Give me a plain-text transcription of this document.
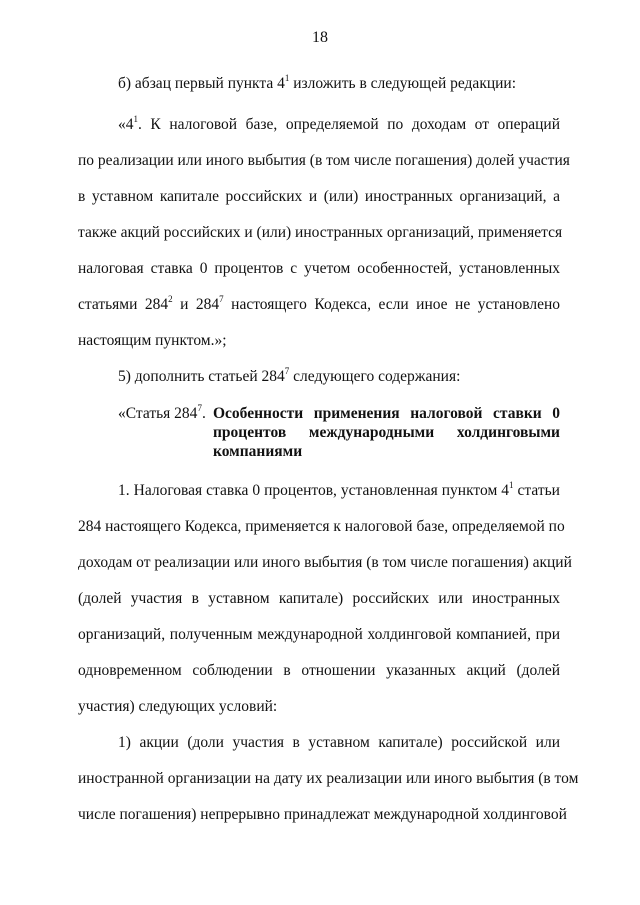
18
б) абзац первый пункта $4^1$ изложить в следующей редакции:
«$4^1$. К налоговой базе, определяемой по доходам от операций
по реализации или иного выбытия (в том числе погашения) долей участия
в уставном капитале российских и (или) иностранных организаций, а
также акций российских и (или) иностранных организаций, применяется
налоговая ставка 0 процентов с учетом особенностей, установленных
статьями $284^2$ и $284^7$ настоящего Кодекса, если иное не установлено
настоящим пунктом.»;
5) дополнить статьей $284^7$ следующего содержания:
«Статья $284^7$. Особенности применения налоговой ставки 0
процентов международными холдинговыми
компаниями
1. Налоговая ставка 0 процентов, установленная пунктом $4^1$ статьи
284 настоящего Кодекса, применяется к налоговой базе, определяемой по
доходам от реализации или иного выбытия (в том числе погашения) акций
(долей участия в уставном капитале) российских или иностранных
организаций, полученным международной холдинговой компанией, при
одновременном соблюдении в отношении указанных акций (долей
участия) следующих условий:
1) акции (доли участия в уставном капитале) российской или
иностранной организации на дату их реализации или иного выбытия (в том
числе погашения) непрерывно принадлежат международной холдинговой
